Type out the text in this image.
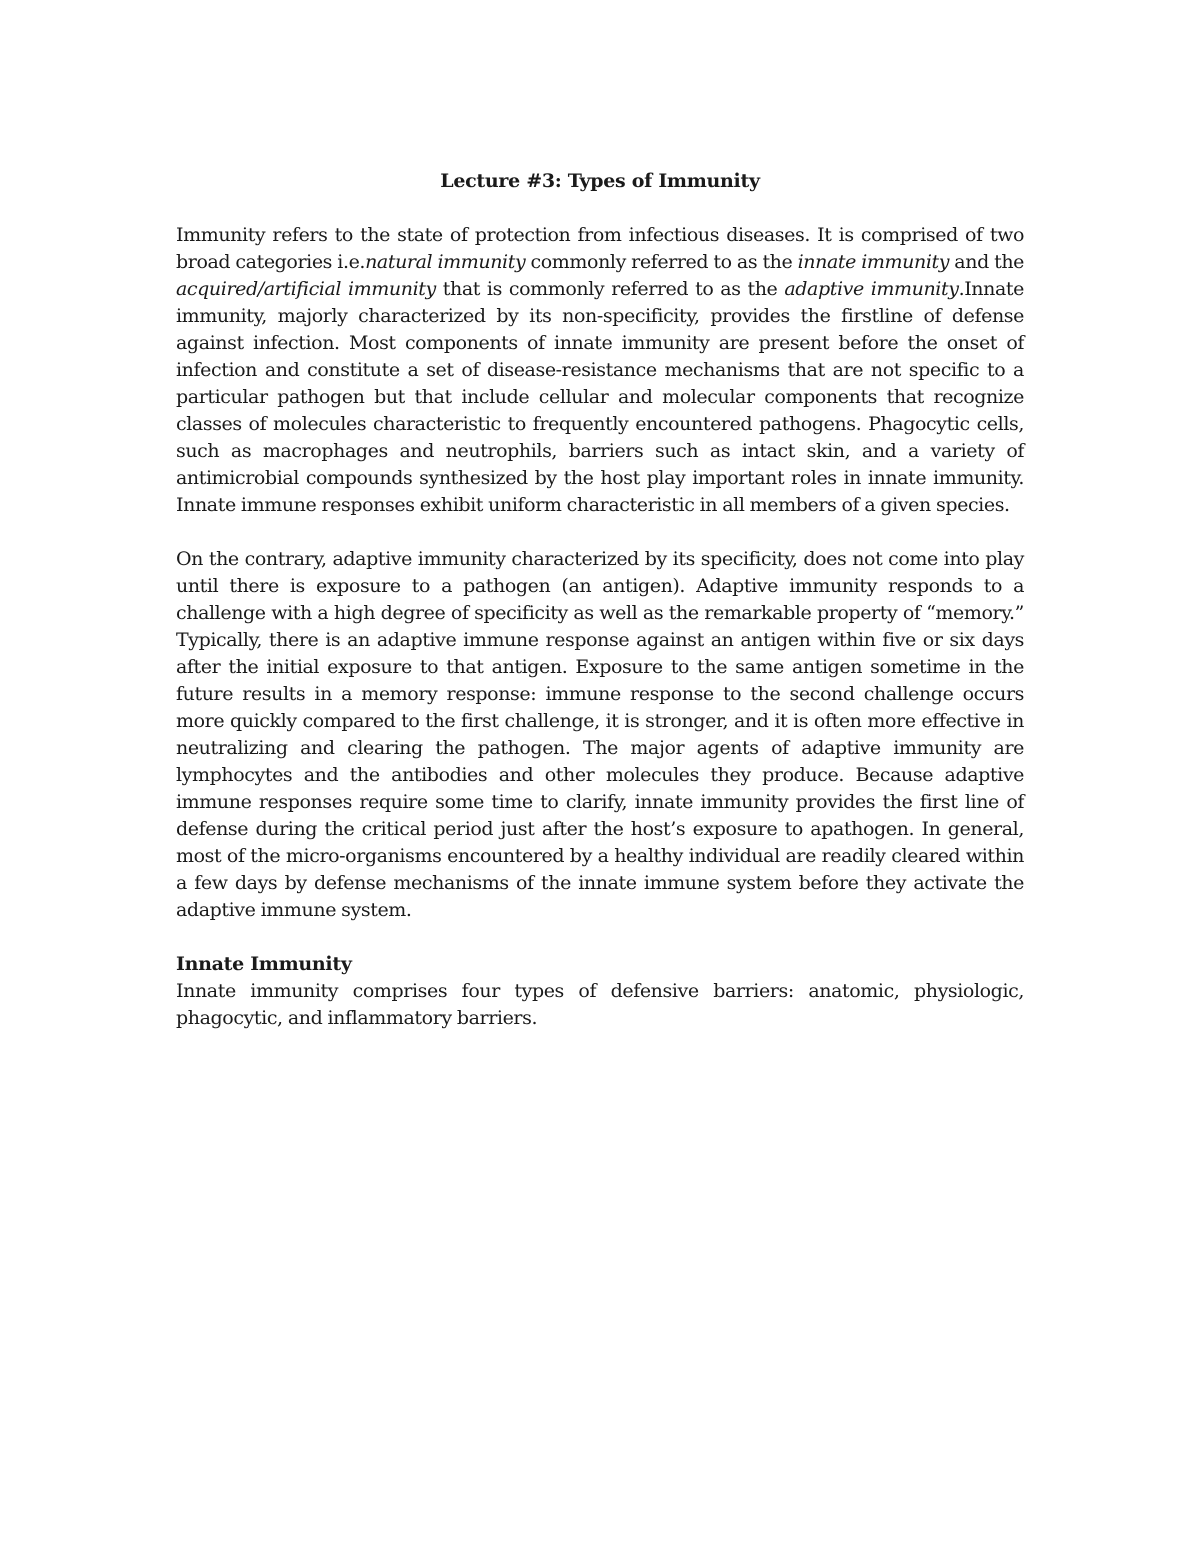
Lecture #3: Types of Immunity

Immunity refers to the state of protection from infectious diseases. It is comprised of two broad categories i.e.natural immunity commonly referred to as the innate immunity and the acquired/artificial immunity that is commonly referred to as the adaptive immunity.Innate immunity, majorly characterized by its non-specificity, provides the firstline of defense against infection. Most components of innate immunity are present before the onset of infection and constitute a set of disease-resistance mechanisms that are not specific to a particular pathogen but that include cellular and molecular components that recognize classes of molecules characteristic to frequently encountered pathogens. Phagocytic cells, such as macrophages and neutrophils, barriers such as intact skin, and a variety of antimicrobial compounds synthesized by the host play important roles in innate immunity. Innate immune responses exhibit uniform characteristic in all members of a given species.

On the contrary, adaptive immunity characterized by its specificity, does not come into play until there is exposure to a pathogen (an antigen). Adaptive immunity responds to a challenge with a high degree of specificity as well as the remarkable property of “memory.” Typically, there is an adaptive immune response against an antigen within five or six days after the initial exposure to that antigen. Exposure to the same antigen sometime in the future results in a memory response: immune response to the second challenge occurs more quickly compared to the first challenge, it is stronger, and it is often more effective in neutralizing and clearing the pathogen. The major agents of adaptive immunity are lymphocytes and the antibodies and other molecules they produce. Because adaptive immune responses require some time to clarify, innate immunity provides the first line of defense during the critical period just after the host’s exposure to apathogen. In general, most of the micro-organisms encountered by a healthy individual are readily cleared within a few days by defense mechanisms of the innate immune system before they activate the adaptive immune system.

Innate Immunity

Innate immunity comprises four types of defensive barriers: anatomic, physiologic, phagocytic, and inflammatory barriers.
